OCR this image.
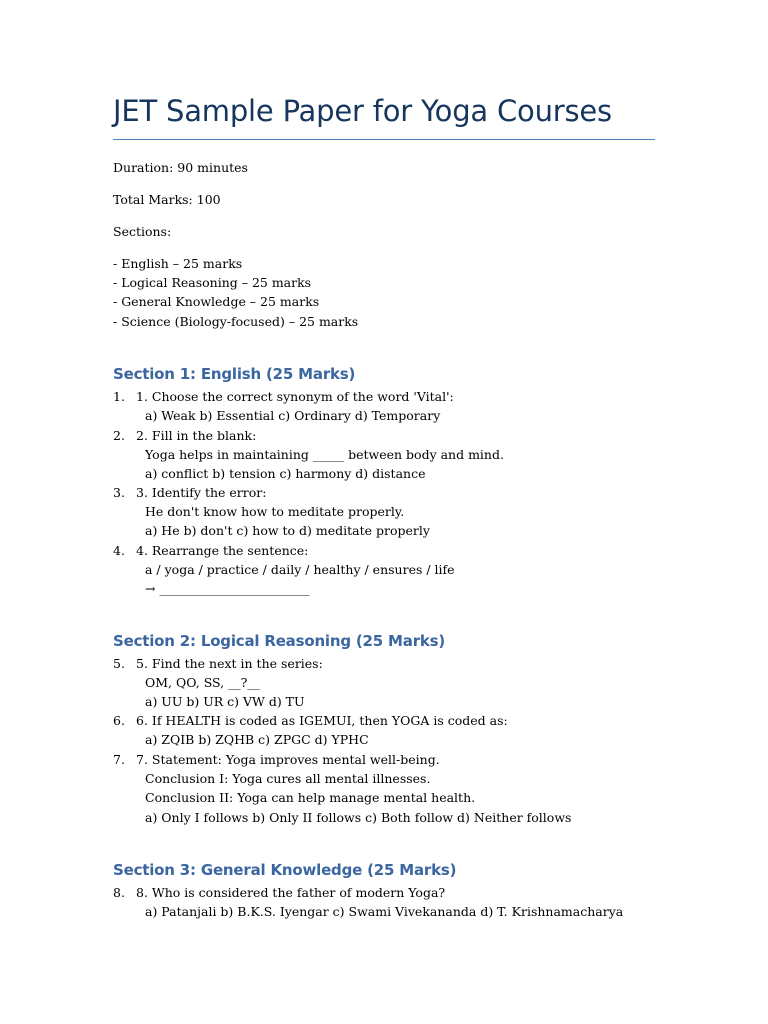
JET Sample Paper for Yoga Courses
Duration: 90 minutes
Total Marks: 100
Sections:
- English – 25 marks
- Logical Reasoning – 25 marks
- General Knowledge – 25 marks
- Science (Biology-focused) – 25 marks
Section 1: English (25 Marks)
1. 1. Choose the correct synonym of the word 'Vital':
a) Weak b) Essential c) Ordinary d) Temporary
2. 2. Fill in the blank:
Yoga helps in maintaining _____ between body and mind.
a) conflict b) tension c) harmony d) distance
3. 3. Identify the error:
He don't know how to meditate properly.
a) He b) don't c) how to d) meditate properly
4. 4. Rearrange the sentence:
a / yoga / practice / daily / healthy / ensures / life
→ ________________________
Section 2: Logical Reasoning (25 Marks)
5. 5. Find the next in the series:
OM, QO, SS, __?__
a) UU b) UR c) VW d) TU
6. 6. If HEALTH is coded as IGEMUI, then YOGA is coded as:
a) ZQIB b) ZQHB c) ZPGC d) YPHC
7. 7. Statement: Yoga improves mental well-being.
Conclusion I: Yoga cures all mental illnesses.
Conclusion II: Yoga can help manage mental health.
a) Only I follows b) Only II follows c) Both follow d) Neither follows
Section 3: General Knowledge (25 Marks)
8. 8. Who is considered the father of modern Yoga?
a) Patanjali b) B.K.S. Iyengar c) Swami Vivekananda d) T. Krishnamacharya
